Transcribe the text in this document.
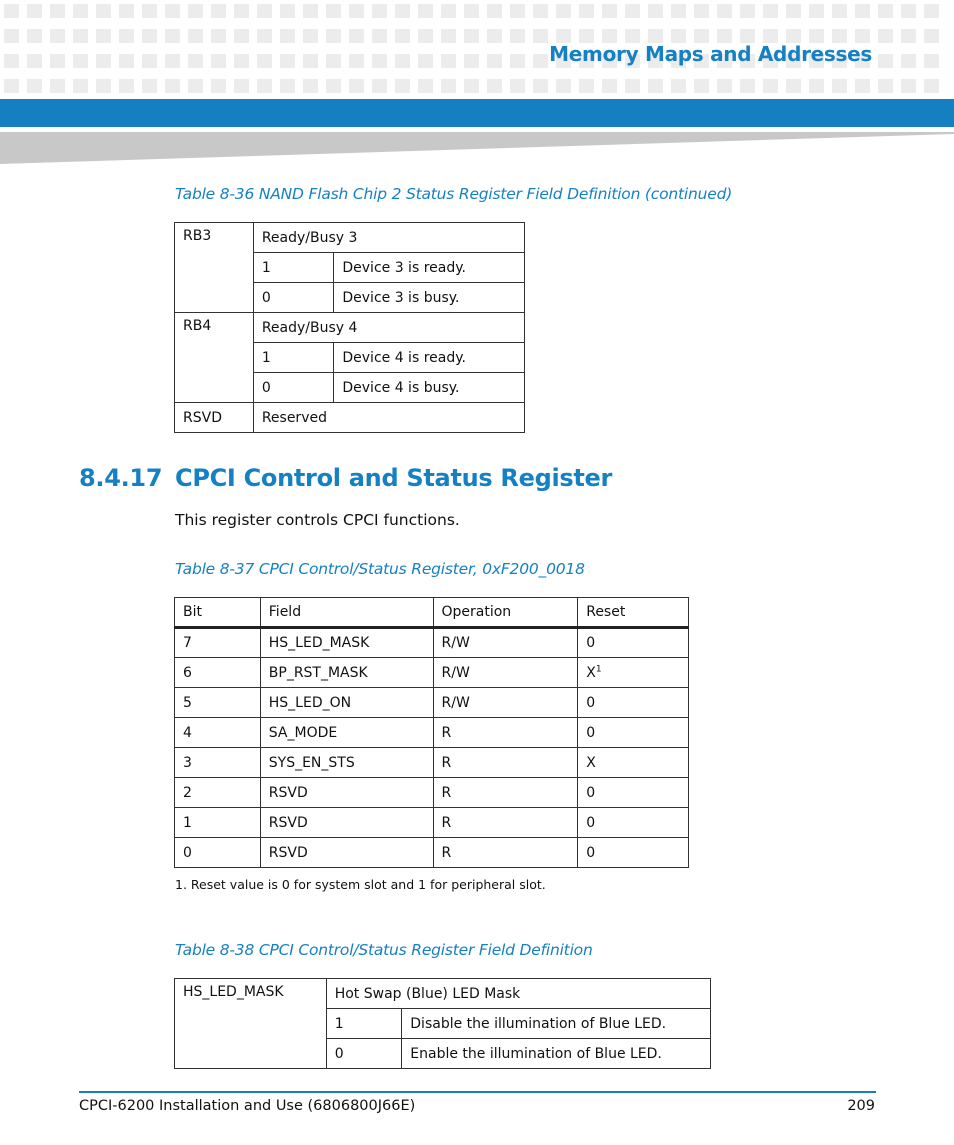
Memory Maps and Addresses
Table 8-36 NAND Flash Chip 2 Status Register Field Definition (continued)
RB3	Ready/Busy 3	
	1	Device 3 is ready.
	0	Device 3 is busy.
RB4	Ready/Busy 4	
	1	Device 4 is ready.
	0	Device 4 is busy.
RSVD	Reserved	
8.4.17 CPCI Control and Status Register
This register controls CPCI functions.
Table 8-37 CPCI Control/Status Register, 0xF200_0018
Bit	Field	Operation	Reset
7	HS_LED_MASK	R/W	0
6	BP_RST_MASK	R/W	$X^1$
5	HS_LED_ON	R/W	0
4	SA_MODE	R	0
3	SYS_EN_STS	R	X
2	RSVD	R	0
1	RSVD	R	0
0	RSVD	R	0
1. Reset value is 0 for system slot and 1 for peripheral slot.
Table 8-38 CPCI Control/Status Register Field Definition
HS_LED_MASK	Hot Swap (Blue) LED Mask	
	1	Disable the illumination of Blue LED.
	0	Enable the illumination of Blue LED.
CPCI-6200 Installation and Use (6806800J66E)	209
